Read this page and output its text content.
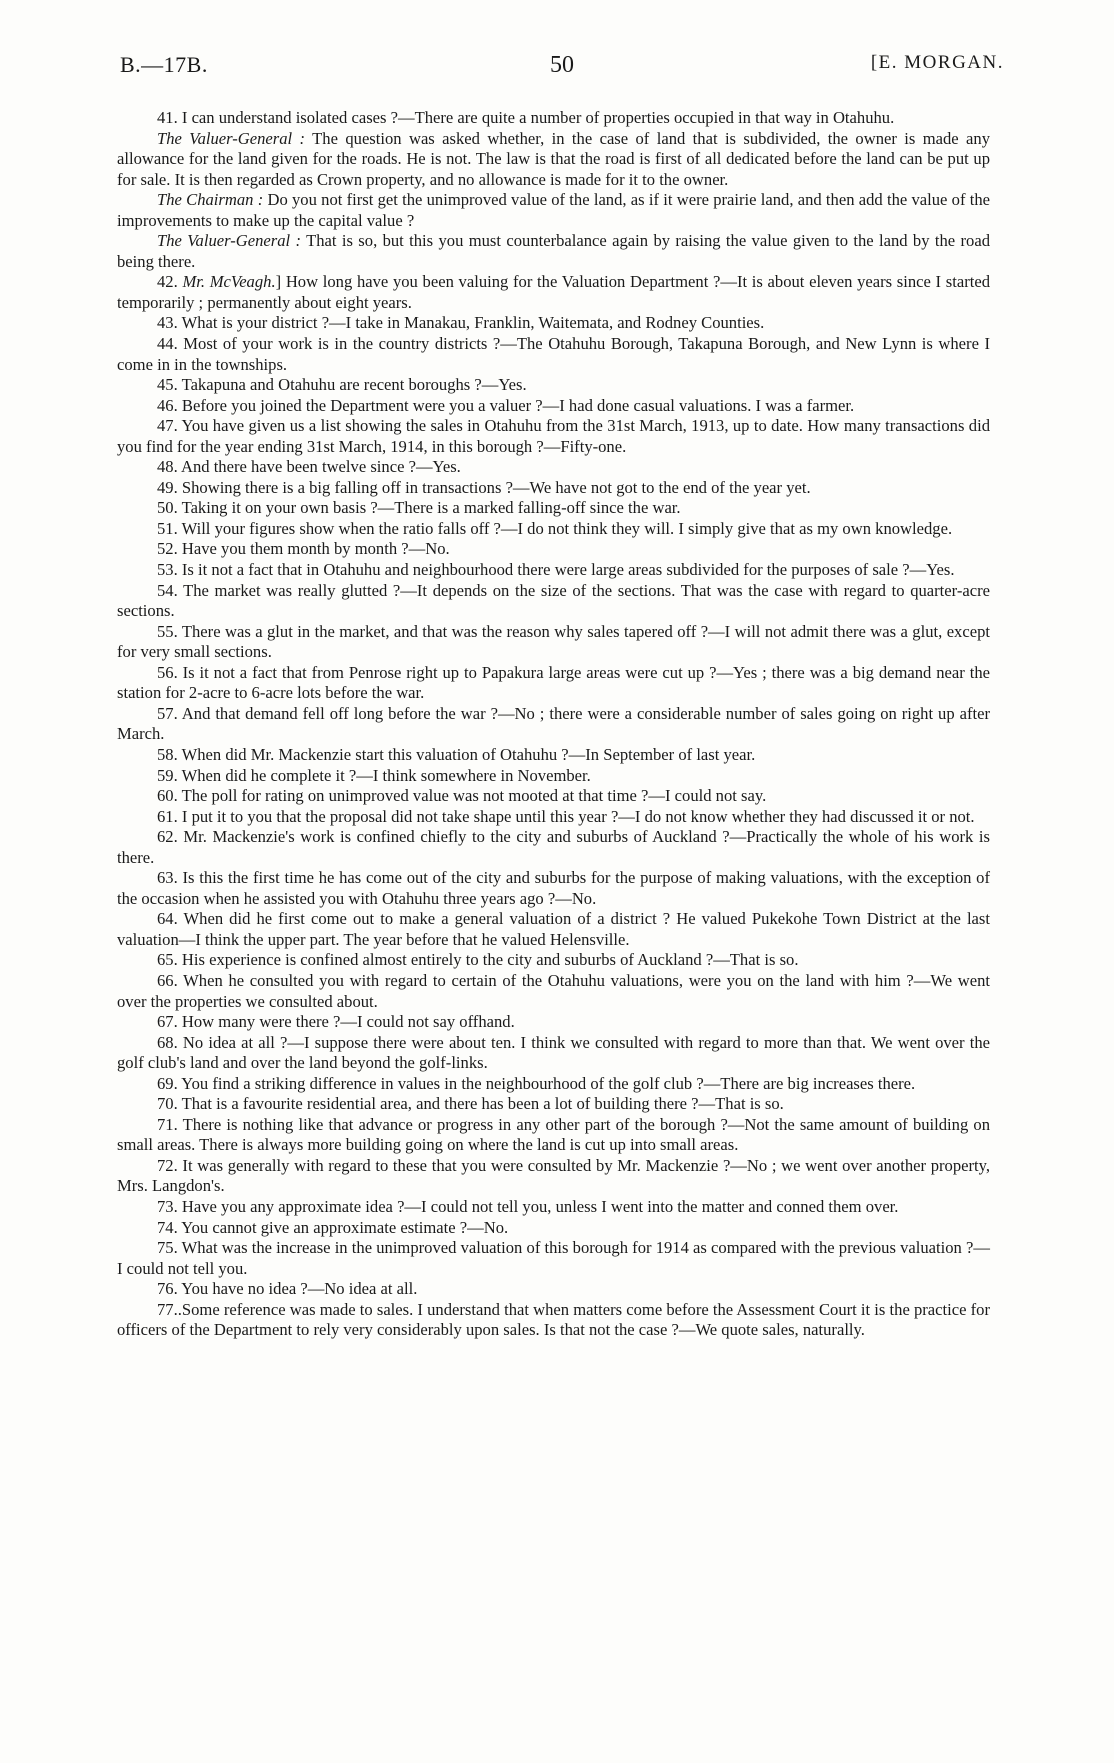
B.—17B.	50	[E. MORGAN.

41. I can understand isolated cases ?—There are quite a number of properties occupied in that way in Otahuhu.

The Valuer-General : The question was asked whether, in the case of land that is subdivided, the owner is made any allowance for the land given for the roads. He is not. The law is that the road is first of all dedicated before the land can be put up for sale. It is then regarded as Crown property, and no allowance is made for it to the owner.

The Chairman : Do you not first get the unimproved value of the land, as if it were prairie land, and then add the value of the improvements to make up the capital value ?

The Valuer-General : That is so, but this you must counterbalance again by raising the value given to the land by the road being there.

42. Mr. McVeagh.] How long have you been valuing for the Valuation Department ?—It is about eleven years since I started temporarily ; permanently about eight years.

43. What is your district ?—I take in Manakau, Franklin, Waitemata, and Rodney Counties.

44. Most of your work is in the country districts ?—The Otahuhu Borough, Takapuna Borough, and New Lynn is where I come in in the townships.

45. Takapuna and Otahuhu are recent boroughs ?—Yes.

46. Before you joined the Department were you a valuer ?—I had done casual valuations. I was a farmer.

47. You have given us a list showing the sales in Otahuhu from the 31st March, 1913, up to date. How many transactions did you find for the year ending 31st March, 1914, in this borough ?—Fifty-one.

48. And there have been twelve since ?—Yes.

49. Showing there is a big falling off in transactions ?—We have not got to the end of the year yet.

50. Taking it on your own basis ?—There is a marked falling-off since the war.

51. Will your figures show when the ratio falls off ?—I do not think they will. I simply give that as my own knowledge.

52. Have you them month by month ?—No.

53. Is it not a fact that in Otahuhu and neighbourhood there were large areas subdivided for the purposes of sale ?—Yes.

54. The market was really glutted ?—It depends on the size of the sections. That was the case with regard to quarter-acre sections.

55. There was a glut in the market, and that was the reason why sales tapered off ?—I will not admit there was a glut, except for very small sections.

56. Is it not a fact that from Penrose right up to Papakura large areas were cut up ?—Yes ; there was a big demand near the station for 2-acre to 6-acre lots before the war.

57. And that demand fell off long before the war ?—No ; there were a considerable number of sales going on right up after March.

58. When did Mr. Mackenzie start this valuation of Otahuhu ?—In September of last year.

59. When did he complete it ?—I think somewhere in November.

60. The poll for rating on unimproved value was not mooted at that time ?—I could not say.

61. I put it to you that the proposal did not take shape until this year ?—I do not know whether they had discussed it or not.

62. Mr. Mackenzie's work is confined chiefly to the city and suburbs of Auckland ?—Practically the whole of his work is there.

63. Is this the first time he has come out of the city and suburbs for the purpose of making valuations, with the exception of the occasion when he assisted you with Otahuhu three years ago ?—No.

64. When did he first come out to make a general valuation of a district ? He valued Pukekohe Town District at the last valuation—I think the upper part. The year before that he valued Helensville.

65. His experience is confined almost entirely to the city and suburbs of Auckland ?—That is so.

66. When he consulted you with regard to certain of the Otahuhu valuations, were you on the land with him ?—We went over the properties we consulted about.

67. How many were there ?—I could not say offhand.

68. No idea at all ?—I suppose there were about ten. I think we consulted with regard to more than that. We went over the golf club's land and over the land beyond the golf-links.

69. You find a striking difference in values in the neighbourhood of the golf club ?—There are big increases there.

70. That is a favourite residential area, and there has been a lot of building there ?—That is so.

71. There is nothing like that advance or progress in any other part of the borough ?—Not the same amount of building on small areas. There is always more building going on where the land is cut up into small areas.

72. It was generally with regard to these that you were consulted by Mr. Mackenzie ?—No ; we went over another property, Mrs. Langdon's.

73. Have you any approximate idea ?—I could not tell you, unless I went into the matter and conned them over.

74. You cannot give an approximate estimate ?—No.

75. What was the increase in the unimproved valuation of this borough for 1914 as compared with the previous valuation ?—I could not tell you.

76. You have no idea ?—No idea at all.

77..Some reference was made to sales. I understand that when matters come before the Assessment Court it is the practice for officers of the Department to rely very considerably upon sales. Is that not the case ?—We quote sales, naturally.
